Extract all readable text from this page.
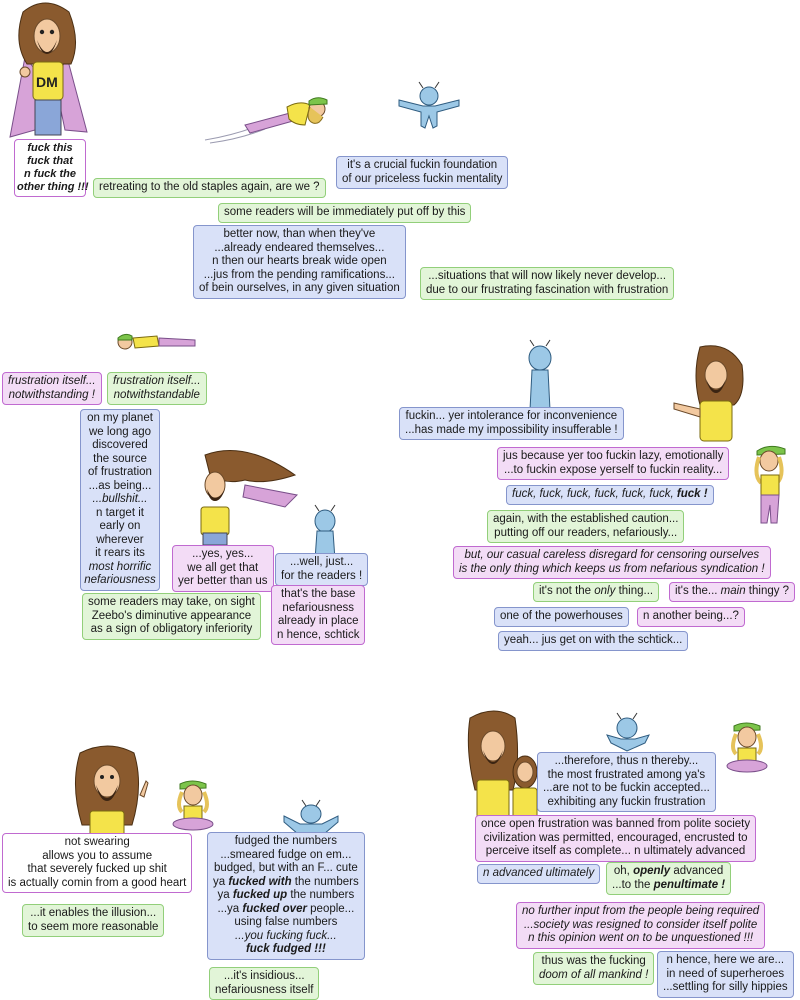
DM
fuck this
fuck that
n fuck the
other thing !!! retreating to the old staples again, are we ?
it's a crucial fuckin foundation
of our priceless fuckin mentality
some readers will be immediately put off by this
better now, than when they've
...already endeared themselves...
n then our hearts break wide open
...jus from the pending ramifications...
of bein ourselves, in any given situation
...situations that will now likely never develop...
due to our frustrating fascination with frustration
frustration itself...
notwithstanding !
frustration itself...
notwithstandable
on my planet
we long ago
discovered
the source
of frustration
...as being...
...bullshit...
n target it
early on
wherever
it rears its
most horrific
nefariousness
...yes, yes...
we all get that
yer better than us
...well, just...
for the readers !
some readers may take, on sight
Zeebo's diminutive appearance
as a sign of obligatory inferiority
that's the base
nefariousness
already in place
n hence, schtick
fuckin... yer intolerance for inconvenience
...has made my impossibility insufferable !
jus because yer too fuckin lazy, emotionally
...to fuckin expose yerself to fuckin reality...
fuck, fuck, fuck, fuck, fuck, fuck, fuck !
again, with the established caution...
putting off our readers, nefariously...
but, our casual careless disregard for censoring ourselves
is the only thing which keeps us from nefarious syndication !
it's not the only thing...	it's the... main thingy ?
one of the powerhouses	n another being...?
yeah... jus get on with the schtick...
not swearing
allows you to assume
that severely fucked up shit
is actually comin from a good heart
...it enables the illusion...
to seem more reasonable
fudged the numbers
...smeared fudge on em...
budged, but with an F... cute
ya fucked with the numbers
ya fucked up the numbers
...ya fucked over people...
using false numbers
...you fucking fuck...
fuck fudged !!!
...it's insidious...
nefariousness itself
...therefore, thus n thereby...
the most frustrated among ya's
...are not to be fuckin accepted...
exhibiting any fuckin frustration
once open frustration was banned from polite society
civilization was permitted, encouraged, encrusted to
perceive itself as complete... n ultimately advanced
n advanced ultimately	oh, openly advanced
...to the penultimate !
no further input from the people being required
...society was resigned to consider itself polite
n this opinion went on to be unquestioned !!!
thus was the fucking
doom of all mankind !
n hence, here we are...
in need of superheroes
...settling for silly hippies
